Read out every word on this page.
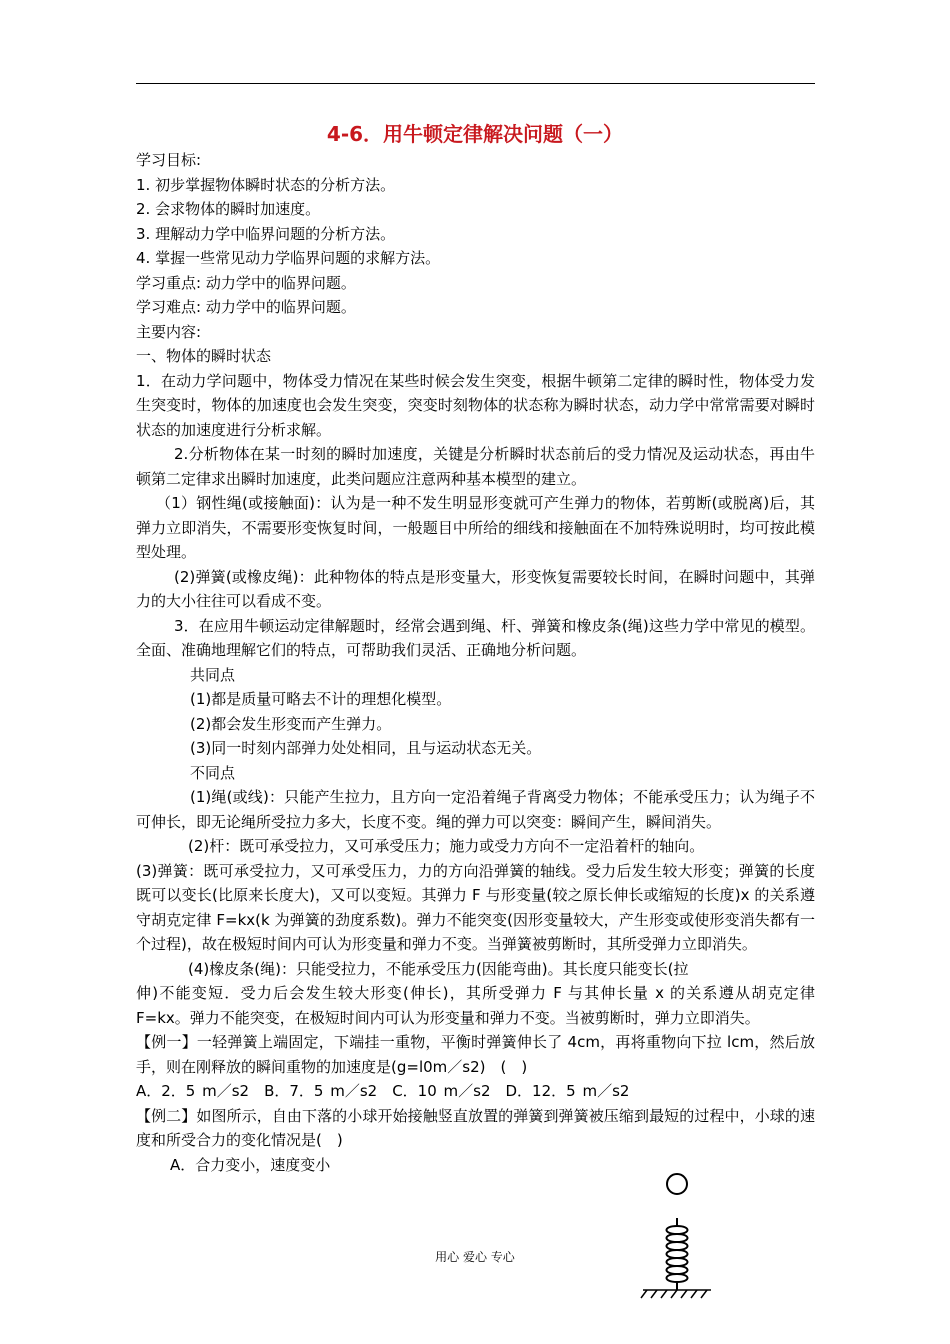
4-6．用牛顿定律解决问题（一）

学习目标:

1. 初步掌握物体瞬时状态的分析方法。

2. 会求物体的瞬时加速度。

3. 理解动力学中临界问题的分析方法。

4. 掌握一些常见动力学临界问题的求解方法。

学习重点: 动力学中的临界问题。

学习难点: 动力学中的临界问题。

主要内容:

一、物体的瞬时状态

1．在动力学问题中，物体受力情况在某些时候会发生突变，根据牛顿第二定律的瞬时性，物体受力发生突变时，物体的加速度也会发生突变，突变时刻物体的状态称为瞬时状态，动力学中常常需要对瞬时状态的加速度进行分析求解。

2.分析物体在某一时刻的瞬时加速度，关键是分析瞬时状态前后的受力情况及运动状态，再由牛顿第二定律求出瞬时加速度，此类问题应注意两种基本模型的建立。

（1）钢性绳(或接触面)：认为是一种不发生明显形变就可产生弹力的物体，若剪断(或脱离)后，其弹力立即消失，不需要形变恢复时间，一般题目中所给的细线和接触面在不加特殊说明时，均可按此模型处理。

(2)弹簧(或橡皮绳)：此种物体的特点是形变量大，形变恢复需要较长时间，在瞬时问题中，其弹力的大小往往可以看成不变。

3．在应用牛顿运动定律解题时，经常会遇到绳、杆、弹簧和橡皮条(绳)这些力学中常见的模型。全面、准确地理解它们的特点，可帮助我们灵活、正确地分析问题。

共同点

(1)都是质量可略去不计的理想化模型。

(2)都会发生形变而产生弹力。

(3)同一时刻内部弹力处处相同，且与运动状态无关。

不同点

(1)绳(或线)：只能产生拉力，且方向一定沿着绳子背离受力物体；不能承受压力；认为绳子不可伸长，即无论绳所受拉力多大，长度不变。绳的弹力可以突变：瞬间产生，瞬间消失。

(2)杆：既可承受拉力，又可承受压力；施力或受力方向不一定沿着杆的轴向。

(3)弹簧：既可承受拉力，又可承受压力，力的方向沿弹簧的轴线。受力后发生较大形变；弹簧的长度既可以变长(比原来长度大)，又可以变短。其弹力 F 与形变量(较之原长伸长或缩短的长度)x 的关系遵守胡克定律 F=kx(k 为弹簧的劲度系数)。弹力不能突变(因形变量较大，产生形变或使形变消失都有一个过程)，故在极短时间内可认为形变量和弹力不变。当弹簧被剪断时，其所受弹力立即消失。

(4)橡皮条(绳)：只能受拉力，不能承受压力(因能弯曲)。其长度只能变长(拉

伸)不能变短．受力后会发生较大形变(伸长)，其所受弹力 F 与其伸长量 x 的关系遵从胡克定律 F=kx。弹力不能突变，在极短时间内可认为形变量和弹力不变。当被剪断时，弹力立即消失。

【例一】一轻弹簧上端固定，下端挂一重物，平衡时弹簧伸长了 4cm，再将重物向下拉 lcm，然后放手，则在刚释放的瞬间重物的加速度是(g=l0m／s2)　(　)

A．2．5 m／s2　B．7．5 m／s2　C．10 m／s2　D．12．5 m／s2

【例二】如图所示，自由下落的小球开始接触竖直放置的弹簧到弹簧被压缩到最短的过程中，小球的速度和所受合力的变化情况是(　)

A．合力变小，速度变小

用心 爱心 专心
